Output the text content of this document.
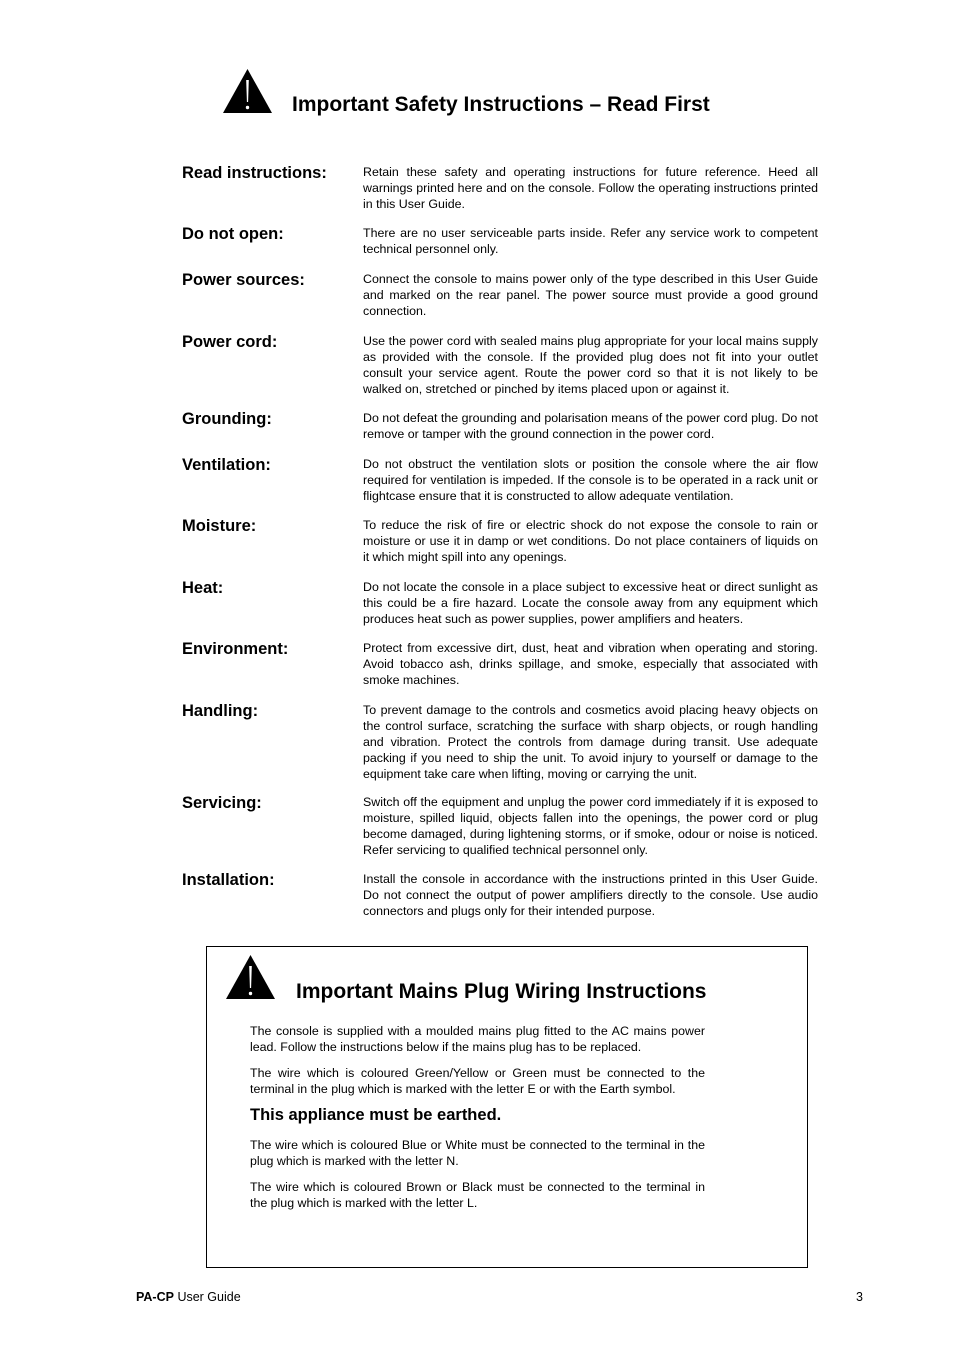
Important Safety Instructions – Read First
Read instructions:	Retain these safety and operating instructions for future reference. Heed all warnings printed here and on the console. Follow the operating instructions printed in this User Guide.
Do not open:	There are no user serviceable parts inside. Refer any service work to competent technical personnel only.
Power sources:	Connect the console to mains power only of the type described in this User Guide and marked on the rear panel. The power source must provide a good ground connection.
Power cord:	Use the power cord with sealed mains plug appropriate for your local mains supply as provided with the console. If the provided plug does not fit into your outlet consult your service agent. Route the power cord so that it is not likely to be walked on, stretched or pinched by items placed upon or against it.
Grounding:	Do not defeat the grounding and polarisation means of the power cord plug. Do not remove or tamper with the ground connection in the power cord.
Ventilation:	Do not obstruct the ventilation slots or position the console where the air flow required for ventilation is impeded. If the console is to be operated in a rack unit or flightcase ensure that it is constructed to allow adequate ventilation.
Moisture:	To reduce the risk of fire or electric shock do not expose the console to rain or moisture or use it in damp or wet conditions. Do not place containers of liquids on it which might spill into any openings.
Heat:	Do not locate the console in a place subject to excessive heat or direct sunlight as this could be a fire hazard. Locate the console away from any equipment which produces heat such as power supplies, power amplifiers and heaters.
Environment:	Protect from excessive dirt, dust, heat and vibration when operating and storing. Avoid tobacco ash, drinks spillage, and smoke, especially that associated with smoke machines.
Handling:	To prevent damage to the controls and cosmetics avoid placing heavy objects on the control surface, scratching the surface with sharp objects, or rough handling and vibration. Protect the controls from damage during transit. Use adequate packing if you need to ship the unit. To avoid injury to yourself or damage to the equipment take care when lifting, moving or carrying the unit.
Servicing:	Switch off the equipment and unplug the power cord immediately if it is exposed to moisture, spilled liquid, objects fallen into the openings, the power cord or plug become damaged, during lightening storms, or if smoke, odour or noise is noticed. Refer servicing to qualified technical personnel only.
Installation:	Install the console in accordance with the instructions printed in this User Guide. Do not connect the output of power amplifiers directly to the console. Use audio connectors and plugs only for their intended purpose.
Important Mains Plug Wiring Instructions

The console is supplied with a moulded mains plug fitted to the AC mains power lead. Follow the instructions below if the mains plug has to be replaced.

The wire which is coloured Green/Yellow or Green must be connected to the terminal in the plug which is marked with the letter E or with the Earth symbol.

This appliance must be earthed.

The wire which is coloured Blue or White must be connected to the terminal in the plug which is marked with the letter N.

The wire which is coloured Brown or Black must be connected to the terminal in the plug which is marked with the letter L.

PA-CP User Guide	3
